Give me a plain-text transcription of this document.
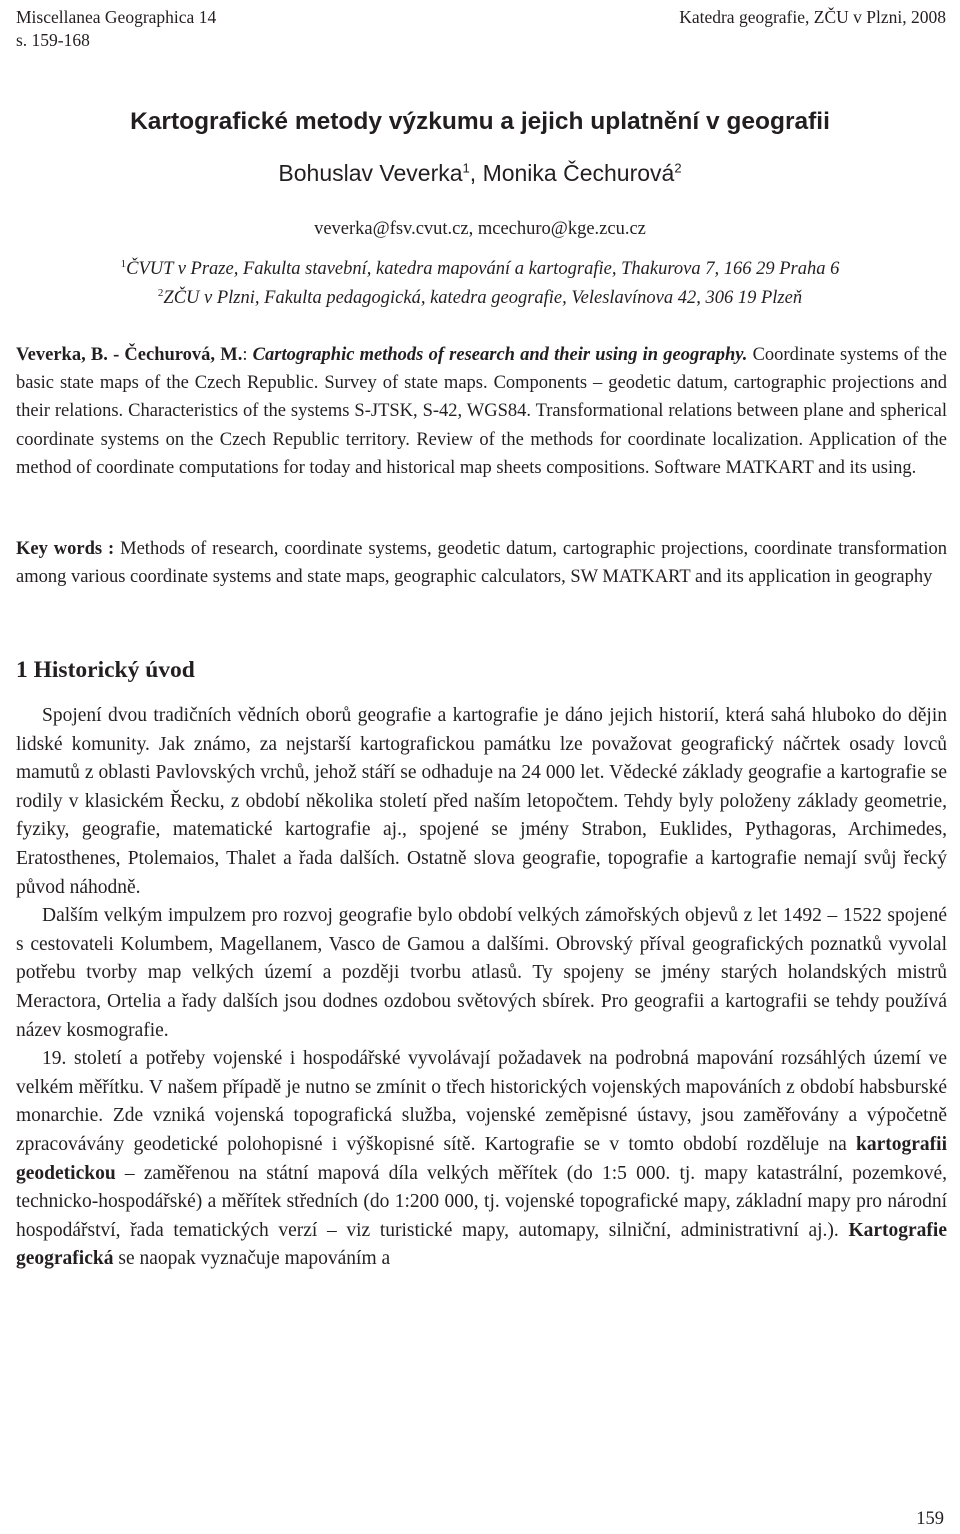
Miscellanea Geographica 14
s. 159-168
Katedra geografie, ZČU v Plzni, 2008
Kartografické metody výzkumu a jejich uplatnění v geografii
Bohuslav Veverka$^1$, Monika Čechurová$^2$
veverka@fsv.cvut.cz, mcechuro@kge.zcu.cz
$^1$ČVUT v Praze, Fakulta stavební, katedra mapování a kartografie, Thakurova 7, 166 29 Praha 6
$^2$ZČU v Plzni, Fakulta pedagogická, katedra geografie, Veleslavínova 42, 306 19 Plzeň
Veverka, B. - Čechurová, M.: Cartographic methods of research and their using in geography. Coordinate systems of the basic state maps of the Czech Republic. Survey of state maps. Components – geodetic datum, cartographic projections and their relations. Characteristics of the systems S-JTSK, S-42, WGS84. Transformational relations between plane and spherical coordinate systems on the Czech Republic territory. Review of the methods for coordinate localization. Application of the method of coordinate computations for today and historical map sheets compositions. Software MATKART and its using.
Key words : Methods of research, coordinate systems, geodetic datum, cartographic projections, coordinate transformation among various coordinate systems and state maps, geographic calculators, SW MATKART and its application in geography
1 Historický úvod

Spojení dvou tradičních vědních oborů geografie a kartografie je dáno jejich historií, která sahá hluboko do dějin lidské komunity. Jak známo, za nejstarší kartografickou památku lze považovat geografický náčrtek osady lovců mamutů z oblasti Pavlovských vrchů, jehož stáří se odhaduje na 24 000 let. Vědecké základy geografie a kartografie se rodily v klasickém Řecku, z období několika století před naším letopočtem. Tehdy byly položeny základy geometrie, fyziky, geografie, matematické kartografie aj., spojené se jmény Strabon, Euklides, Pythagoras, Archimedes, Eratosthenes, Ptolemaios, Thalet a řada dalších. Ostatně slova geografie, topografie a kartografie nemají svůj řecký původ náhodně.

Dalším velkým impulzem pro rozvoj geografie bylo období velkých zámořských objevů z let 1492 – 1522 spojené s cestovateli Kolumbem, Magellanem, Vasco de Gamou a dalšími. Obrovský příval geografických poznatků vyvolal potřebu tvorby map velkých území a později tvorbu atlasů. Ty spojeny se jmény starých holandských mistrů Meractora, Ortelia a řady dalších jsou dodnes ozdobou světových sbírek. Pro geografii a kartografii se tehdy používá název kosmografie.

19. století a potřeby vojenské i hospodářské vyvolávají požadavek na podrobná mapování rozsáhlých území ve velkém měřítku. V našem případě je nutno se zmínit o třech historických vojenských mapováních z období habsburské monarchie. Zde vzniká vojenská topografická služba, vojenské zeměpisné ústavy, jsou zaměřovány a výpočetně zpracovávány geodetické polohopisné i výškopisné sítě. Kartografie se v tomto období rozděluje na kartografii geodetickou – zaměřenou na státní mapová díla velkých měřítek (do 1:5 000. tj. mapy katastrální, pozemkové, technicko-hospodářské) a měřítek středních (do 1:200 000, tj. vojenské topografické mapy, základní mapy pro národní hospodářství, řada tematických verzí – viz turistické mapy, automapy, silniční, administrativní aj.). Kartografie geografická se naopak vyznačuje mapováním a

159
